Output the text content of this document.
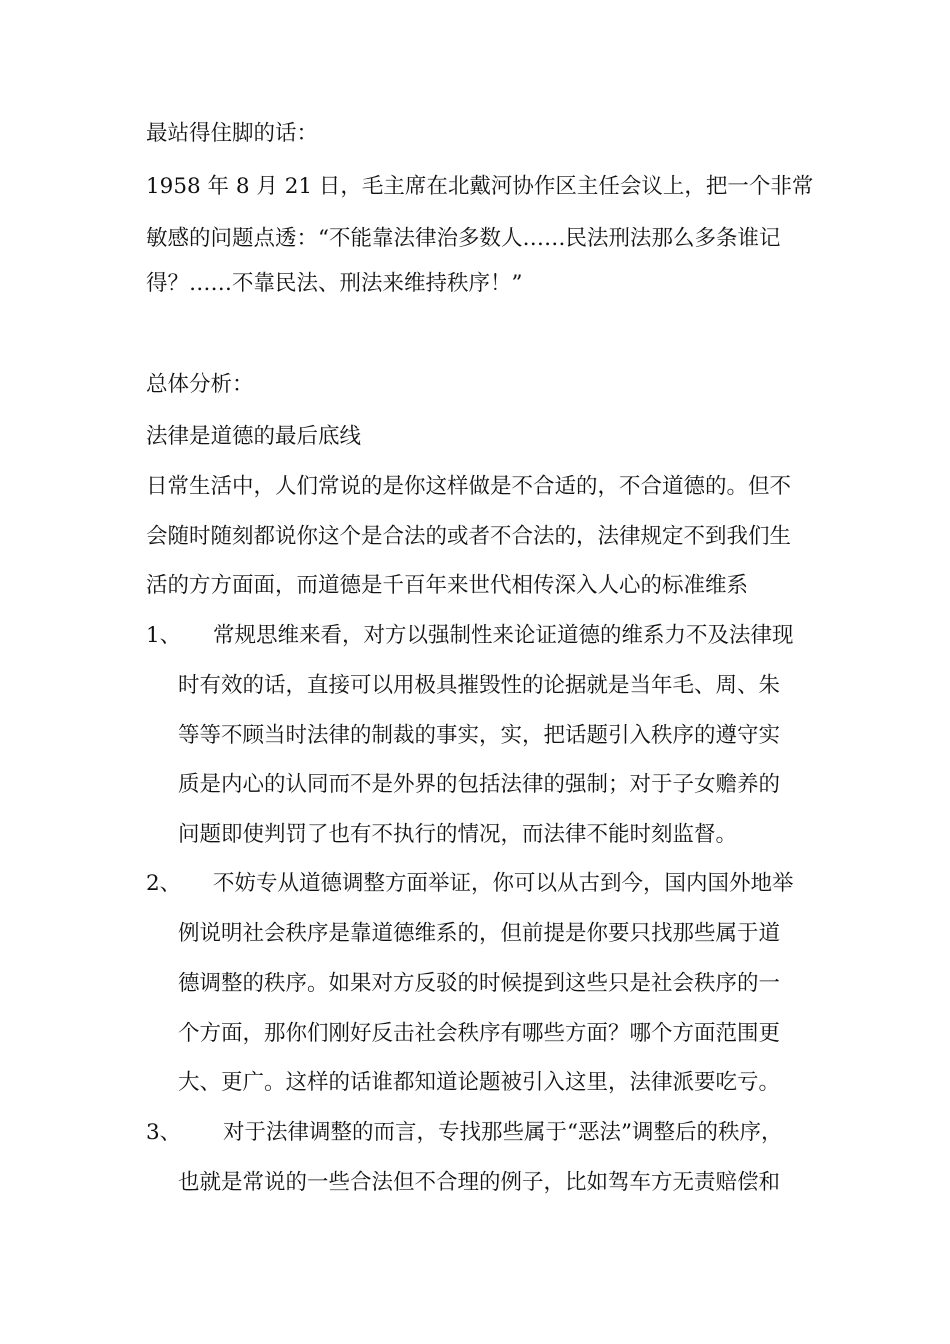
最站得住脚的话：
1958 年 8 月 21 日，毛主席在北戴河协作区主任会议上，把一个非常
敏感的问题点透：“不能靠法律治多数人……民法刑法那么多条谁记
得？……不靠民法、刑法来维持秩序！”
总体分析：
法律是道德的最后底线
日常生活中，人们常说的是你这样做是不合适的，不合道德的。但不
会随时随刻都说你这个是合法的或者不合法的，法律规定不到我们生
活的方方面面，而道德是千百年来世代相传深入人心的标准维系
1、 常规思维来看，对方以强制性来论证道德的维系力不及法律现
时有效的话，直接可以用极具摧毁性的论据就是当年毛、周、朱
等等不顾当时法律的制裁的事实，实，把话题引入秩序的遵守实
质是内心的认同而不是外界的包括法律的强制；对于子女赡养的
问题即使判罚了也有不执行的情况，而法律不能时刻监督。
2、 不妨专从道德调整方面举证，你可以从古到今，国内国外地举
例说明社会秩序是靠道德维系的，但前提是你要只找那些属于道
德调整的秩序。如果对方反驳的时候提到这些只是社会秩序的一
个方面，那你们刚好反击社会秩序有哪些方面？哪个方面范围更
大、更广。这样的话谁都知道论题被引入这里，法律派要吃亏。
3、 对于法律调整的而言，专找那些属于“恶法”调整后的秩序，
也就是常说的一些合法但不合理的例子，比如驾车方无责赔偿和
